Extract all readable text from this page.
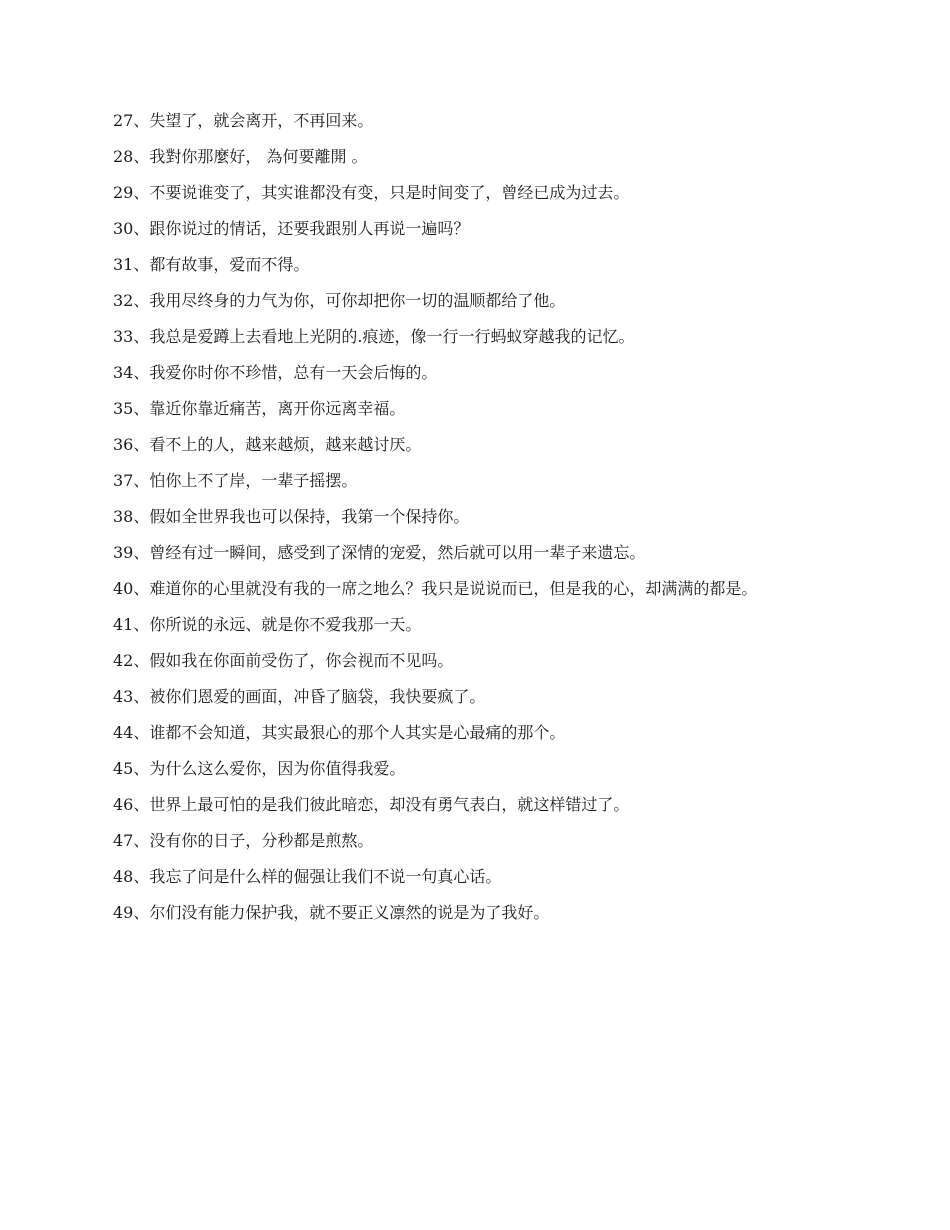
27、失望了，就会离开，不再回来。

28、我對你那麼好， 為何要離開 。

29、不要说谁变了，其实谁都没有变，只是时间变了，曾经已成为过去。

30、跟你说过的情话，还要我跟别人再说一遍吗？

31、都有故事，爱而不得。

32、我用尽终身的力气为你，可你却把你一切的温顺都给了他。

33、我总是爱蹲上去看地上光阴的.痕迹，像一行一行蚂蚁穿越我的记忆。

34、我爱你时你不珍惜，总有一天会后悔的。

35、靠近你靠近痛苦，离开你远离幸福。

36、看不上的人，越来越烦，越来越讨厌。

37、怕你上不了岸，一辈子摇摆。

38、假如全世界我也可以保持，我第一个保持你。

39、曾经有过一瞬间，感受到了深情的宠爱，然后就可以用一辈子来遗忘。

40、难道你的心里就没有我的一席之地么？我只是说说而已，但是我的心，却满满的都是。

41、你所说的永远、就是你不爱我那一天。

42、假如我在你面前受伤了，你会视而不见吗。

43、被你们恩爱的画面，冲昏了脑袋，我快要疯了。

44、谁都不会知道，其实最狠心的那个人其实是心最痛的那个。

45、为什么这么爱你，因为你值得我爱。

46、世界上最可怕的是我们彼此暗恋，却没有勇气表白，就这样错过了。

47、没有你的日子，分秒都是煎熬。

48、我忘了问是什么样的倔强让我们不说一句真心话。

49、尔们没有能力保护我，就不要正义凛然的说是为了我好。
